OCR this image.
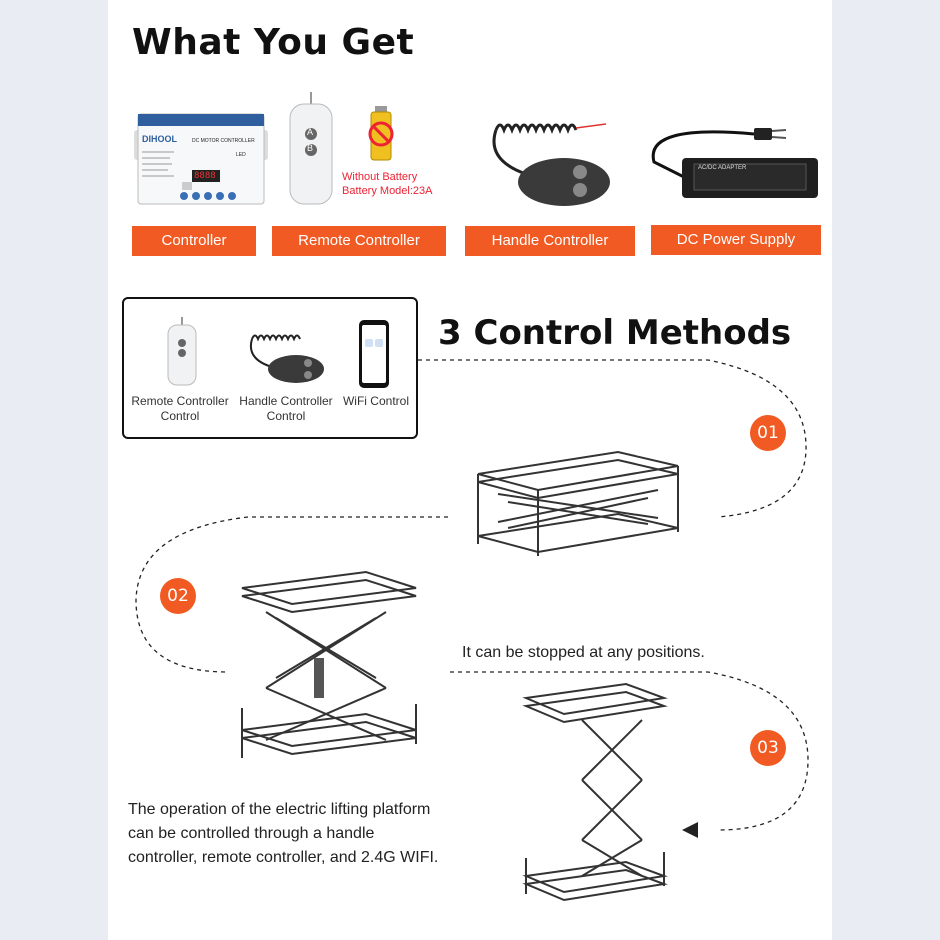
What You Get
DIHOOL	DC MOTOR CONTROLLER
8888
LED
A
B
Without Battery
Battery Model:23A
AC/DC ADAPTER
Controller	Remote Controller	Handle Controller	DC Power Supply
Remote Controller
Control
Handle Controller
Control
WiFi Control
3 Control Methods
01
02
03
It can be stopped at any positions.
The operation of the electric lifting platform
can be controlled through a handle
controller, remote controller, and 2.4G WIFI.
